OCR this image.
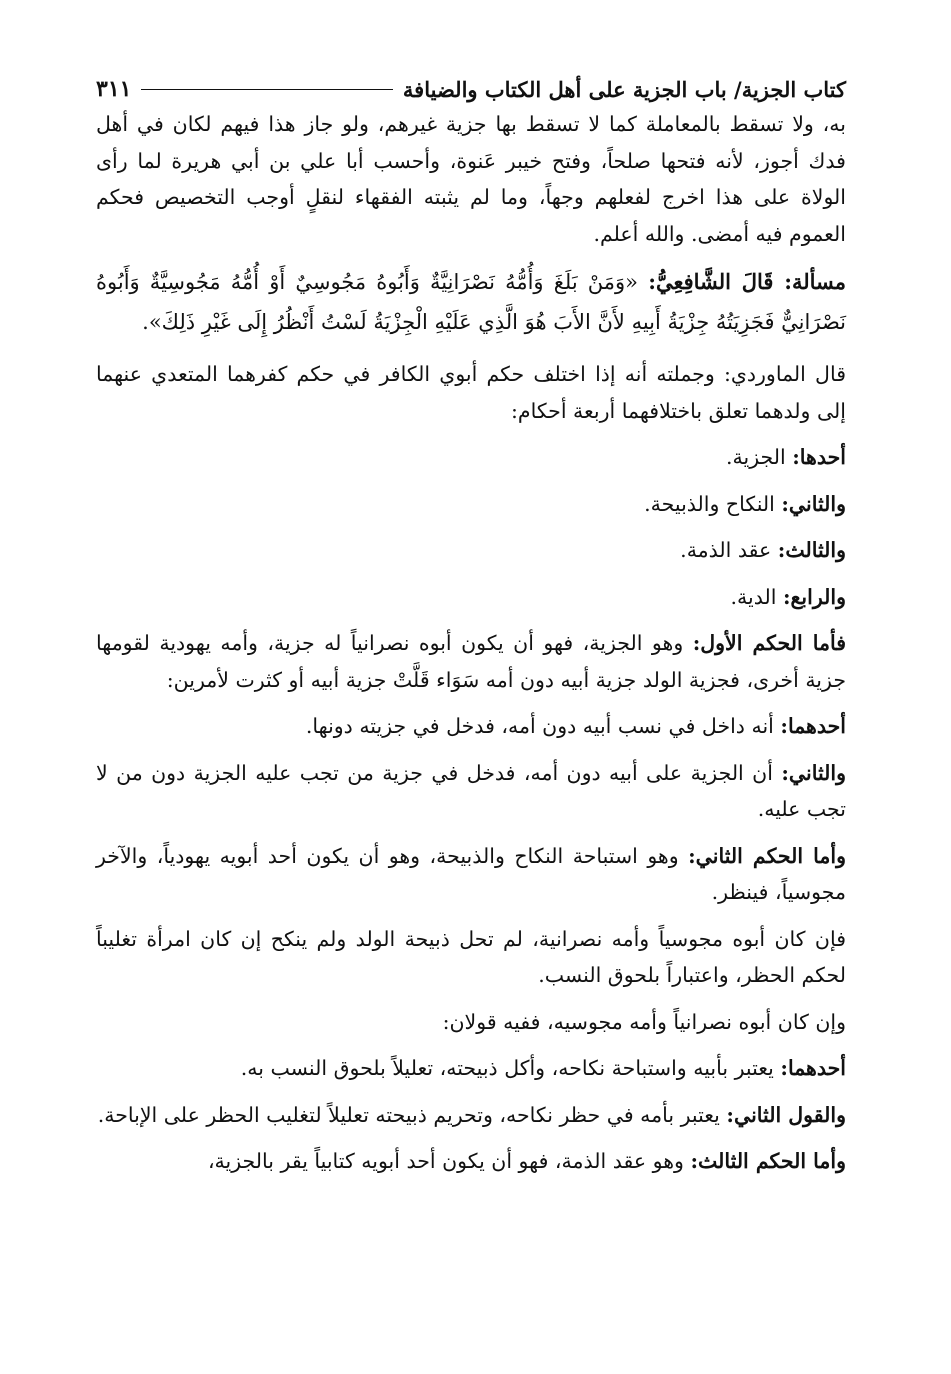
كتاب الجزية/ باب الجزية على أهل الكتاب والضيافة
٣١١

به، ولا تسقط بالمعاملة كما لا تسقط بها جزية غيرهم، ولو جاز هذا فيهم لكان في أهل فدك أجوز، لأنه فتحها صلحاً، وفتح خيبر عَنوة، وأحسب أبا علي بن أبي هريرة لما رأى الولاة على هذا اخرج لفعلهم وجهاً، وما لم يثبته الفقهاء لنقلٍ أوجب التخصيص فحكم العموم فيه أمضى. والله أعلم.

مسألة: قَالَ الشَّافِعِيُّ: «وَمَنْ بَلَغَ وَأُمُّهُ نَصْرَانِيَّةٌ وَأَبُوهُ مَجُوسِيٌ أَوْ أُمُّهُ مَجُوسِيَّةٌ وَأَبُوهُ نَصْرَانِيٌّ فَجَزِيَتُهُ جِزْيَةُ أَبِيهِ لأَنَّ الأَبَ هُوَ الَّذِي عَلَيْهِ الْجِزْيَةُ لَسْتُ أَنْظُرُ إِلَى غَيْرِ ذَلِكَ».

قال الماوردي: وجملته أنه إذا اختلف حكم أبوي الكافر في حكم كفرهما المتعدي عنهما إلى ولدهما تعلق باختلافهما أربعة أحكام:

أحدها: الجزية.

والثاني: النكاح والذبيحة.

والثالث: عقد الذمة.

والرابع: الدية.

فأما الحكم الأول: وهو الجزية، فهو أن يكون أبوه نصرانياً له جزية، وأمه يهودية لقومها جزية أخرى، فجزية الولد جزية أبيه دون أمه سَوَاء قَلَّتْ جزية أبيه أو كثرت لأمرين:

أحدهما: أنه داخل في نسب أبيه دون أمه، فدخل في جزيته دونها.

والثاني: أن الجزية على أبيه دون أمه، فدخل في جزية من تجب عليه الجزية دون من لا تجب عليه.

وأما الحكم الثاني: وهو استباحة النكاح والذبيحة، وهو أن يكون أحد أبويه يهودياً، والآخر مجوسياً، فينظر.

فإن كان أبوه مجوسياً وأمه نصرانية، لم تحل ذبيحة الولد ولم ينكح إن كان امرأة تغليباً لحكم الحظر، واعتباراً بلحوق النسب.

وإن كان أبوه نصرانياً وأمه مجوسيه، ففيه قولان:

أحدهما: يعتبر بأبيه واستباحة نكاحه، وأكل ذبيحته، تعليلاً بلحوق النسب به.

والقول الثاني: يعتبر بأمه في حظر نكاحه، وتحريم ذبيحته تعليلاً لتغليب الحظر على الإباحة.

وأما الحكم الثالث: وهو عقد الذمة، فهو أن يكون أحد أبويه كتابياً يقر بالجزية،
